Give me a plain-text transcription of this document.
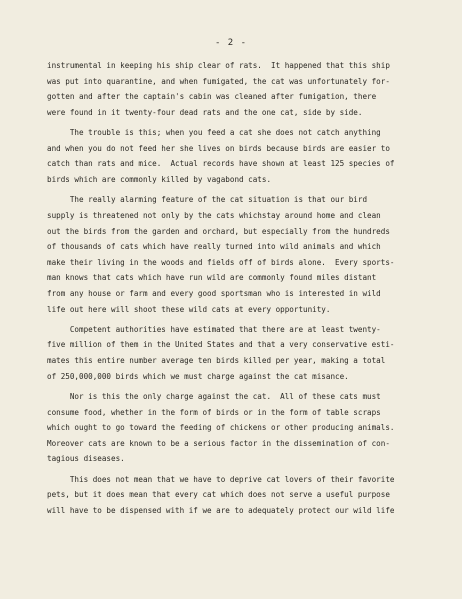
- 2 -
instrumental in keeping his ship clear of rats.  It happened that this ship
was put into quarantine, and when fumigated, the cat was unfortunately for-
gotten and after the captain's cabin was cleaned after fumigation, there
were found in it twenty-four dead rats and the one cat, side by side.
The trouble is this; when you feed a cat she does not catch anything
and when you do not feed her she lives on birds because birds are easier to
catch than rats and mice.  Actual records have shown at least 125 species of
birds which are commonly killed by vagabond cats.
The really alarming feature of the cat situation is that our bird
supply is threatened not only by the cats whichstay around home and clean
out the birds from the garden and orchard, but especially from the hundreds
of thousands of cats which have really turned into wild animals and which
make their living in the woods and fields off of birds alone.  Every sports-
man knows that cats which have run wild are commonly found miles distant
from any house or farm and every good sportsman who is interested in wild
life out here will shoot these wild cats at every opportunity.
Competent authorities have estimated that there are at least twenty-
five million of them in the United States and that a very conservative esti-
mates this entire number average ten birds killed per year, making a total
of 250,000,000 birds which we must charge against the cat misance.
Nor is this the only charge against the cat.  All of these cats must
consume food, whether in the form of birds or in the form of table scraps
which ought to go toward the feeding of chickens or other producing animals.
Moreover cats are known to be a serious factor in the dissemination of con-
tagious diseases.
This does not mean that we have to deprive cat lovers of their favorite
pets, but it does mean that every cat which does not serve a useful purpose
will have to be dispensed with if we are to adequately protect our wild life
